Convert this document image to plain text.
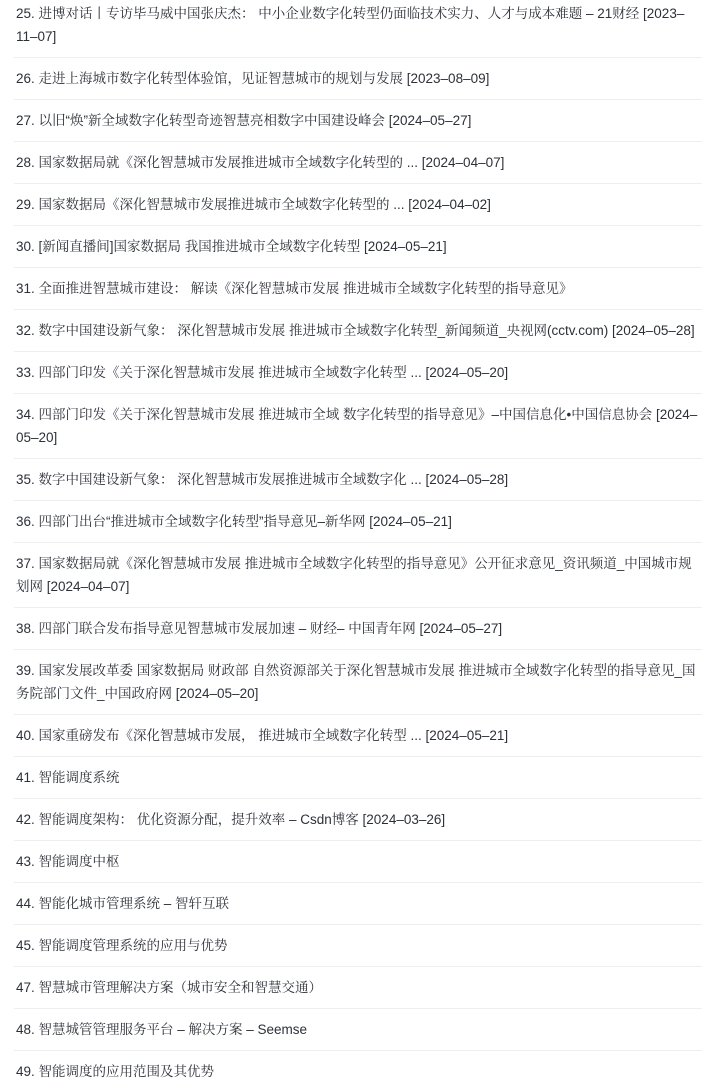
25. 进博对话丨专访毕马威中国张庆杰： 中小企业数字化转型仍面临技术实力、人才与成本难题 – 21财经 [2023–11–07]
26. 走进上海城市数字化转型体验馆，见证智慧城市的规划与发展 [2023–08–09]
27. 以旧“焕”新全域数字化转型奇迹智慧亮相数字中国建设峰会 [2024–05–27]
28. 国家数据局就《深化智慧城市发展推进城市全域数字化转型的 ... [2024–04–07]
29. 国家数据局《深化智慧城市发展推进城市全域数字化转型的 ... [2024–04–02]
30. [新闻直播间]国家数据局 我国推进城市全域数字化转型 [2024–05–21]
31. 全面推进智慧城市建设： 解读《深化智慧城市发展 推进城市全域数字化转型的指导意见》
32. 数字中国建设新气象： 深化智慧城市发展 推进城市全域数字化转型_新闻频道_央视网(cctv.com) [2024–05–28]
33. 四部门印发《关于深化智慧城市发展 推进城市全域数字化转型 ... [2024–05–20]
34. 四部门印发《关于深化智慧城市发展 推进城市全域 数字化转型的指导意见》–中国信息化•中国信息协会 [2024–05–20]
35. 数字中国建设新气象： 深化智慧城市发展推进城市全域数字化 ... [2024–05–28]
36. 四部门出台“推进城市全域数字化转型”指导意见–新华网 [2024–05–21]
37. 国家数据局就《深化智慧城市发展 推进城市全域数字化转型的指导意见》公开征求意见_资讯频道_中国城市规划网 [2024–04–07]
38. 四部门联合发布指导意见智慧城市发展加速 – 财经– 中国青年网 [2024–05–27]
39. 国家发展改革委 国家数据局 财政部 自然资源部关于深化智慧城市发展 推进城市全域数字化转型的指导意见_国务院部门文件_中国政府网 [2024–05–20]
40. 国家重磅发布《深化智慧城市发展， 推进城市全域数字化转型 ... [2024–05–21]
41. 智能调度系统
42. 智能调度架构： 优化资源分配，提升效率 – Csdn博客 [2024–03–26]
43. 智能调度中枢
44. 智能化城市管理系统 – 智轩互联
45. 智能调度管理系统的应用与优势
47. 智慧城市管理解决方案（城市安全和智慧交通）
48. 智慧城管管理服务平台 – 解决方案 – Seemse
49. 智能调度的应用范围及其优势
